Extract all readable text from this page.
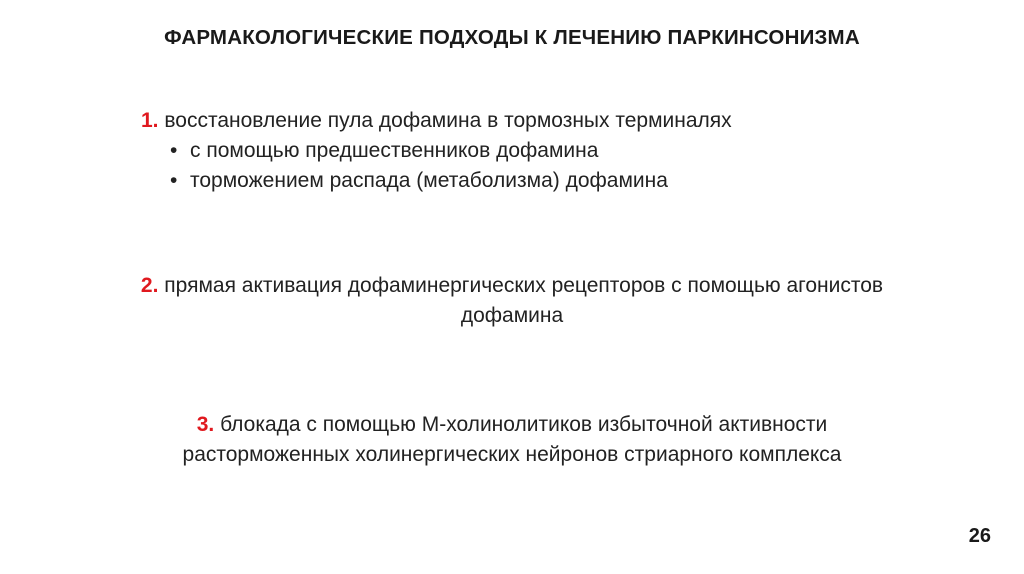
ФАРМАКОЛОГИЧЕСКИЕ ПОДХОДЫ К ЛЕЧЕНИЮ ПАРКИНСОНИЗМА
1. восстановление пула дофамина в тормозных терминалях
• с помощью предшественников дофамина
• торможением распада (метаболизма) дофамина
2. прямая активация дофаминергических рецепторов с помощью агонистов
дофамина
3. блокада с помощью М-холинолитиков избыточной активности
расторможенных холинергических нейронов стриарного комплекса
26
